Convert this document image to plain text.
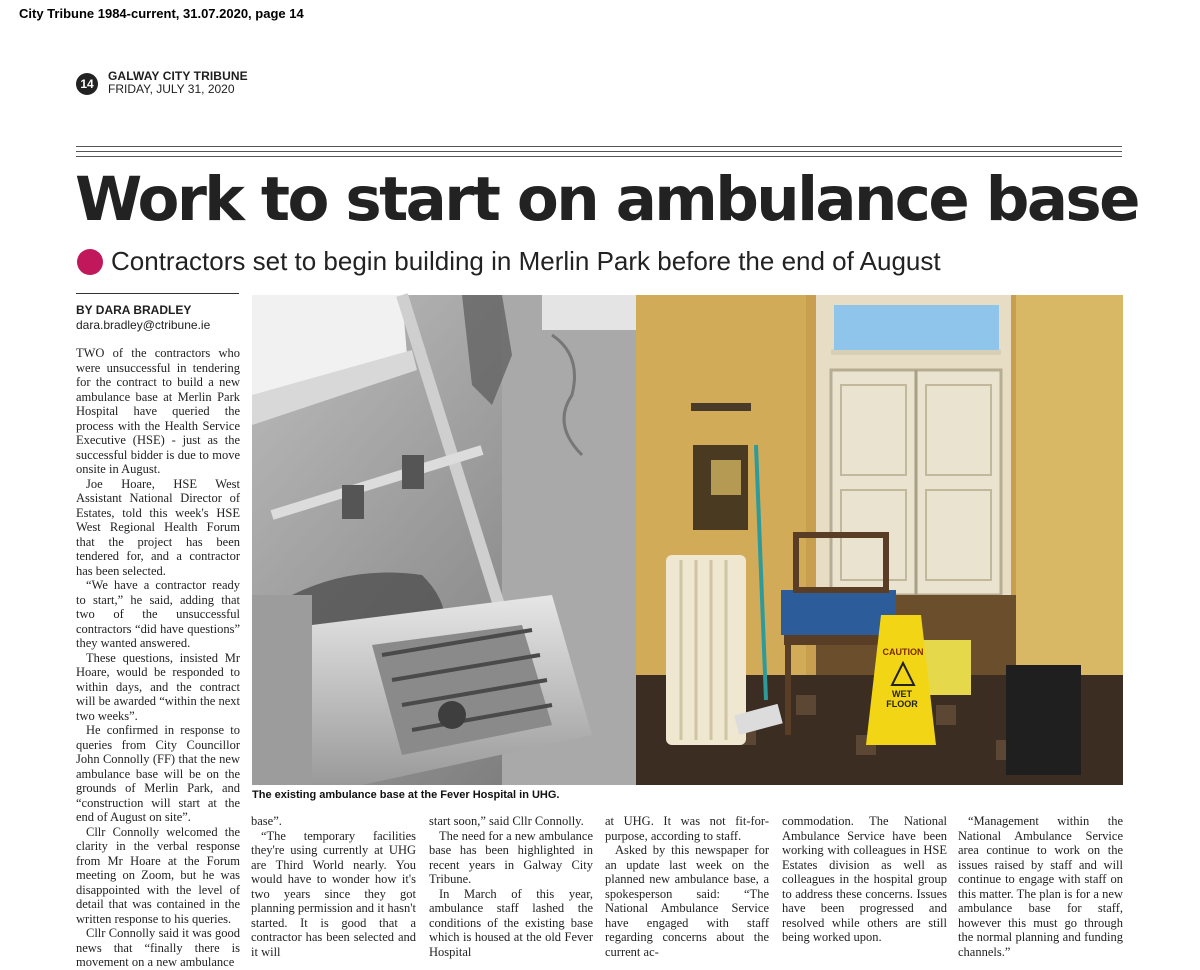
City Tribune 1984-current, 31.07.2020, page 14
14
GALWAY CITY TRIBUNE
FRIDAY, JULY 31, 2020
Work to start on ambulance base
Contractors set to begin building in Merlin Park before the end of August
BY DARA BRADLEY
dara.bradley@ctribune.ie

TWO of the contractors who were unsuccessful in tendering for the contract to build a new ambulance base at Merlin Park Hospital have queried the process with the Health Service Executive (HSE) - just as the successful bidder is due to move onsite in August.

Joe Hoare, HSE West Assistant National Director of Estates, told this week's HSE West Regional Health Forum that the project has been tendered for, and a contractor has been selected.

“We have a contractor ready to start,” he said, adding that two of the unsuccessful contractors “did have questions” they wanted answered.

These questions, insisted Mr Hoare, would be responded to within days, and the contract will be awarded “within the next two weeks”.

He confirmed in response to queries from City Councillor John Connolly (FF) that the new ambulance base will be on the grounds of Merlin Park, and “construction will start at the end of August on site”.

Cllr Connolly welcomed the clarity in the verbal response from Mr Hoare at the Forum meeting on Zoom, but he was disappointed with the level of detail that was contained in the written response to his queries.

Cllr Connolly said it was good news that “finally there is movement on a new ambulance

CAUTION
WET
FLOOR
The existing ambulance base at the Fever Hospital in UHG.

base”.

“The temporary facilities they're using currently at UHG are Third World nearly. You would have to wonder how it's two years since they got planning permission and it hasn't started. It is good that a contractor has been selected and it will

start soon,” said Cllr Connolly.

The need for a new ambulance base has been highlighted in recent years in Galway City Tribune.

In March of this year, ambulance staff lashed the conditions of the existing base which is housed at the old Fever Hospital

at UHG. It was not fit-for-purpose, according to staff.

Asked by this newspaper for an update last week on the planned new ambulance base, a spokesperson said: “The National Ambulance Service have engaged with staff regarding concerns about the current ac-

commodation. The National Ambulance Service have been working with colleagues in HSE Estates division as well as colleagues in the hospital group to address these concerns. Issues have been progressed and resolved while others are still being worked upon.

“Management within the National Ambulance Service area continue to work on the issues raised by staff and will continue to engage with staff on this matter. The plan is for a new ambulance base for staff, however this must go through the normal planning and funding channels.”
